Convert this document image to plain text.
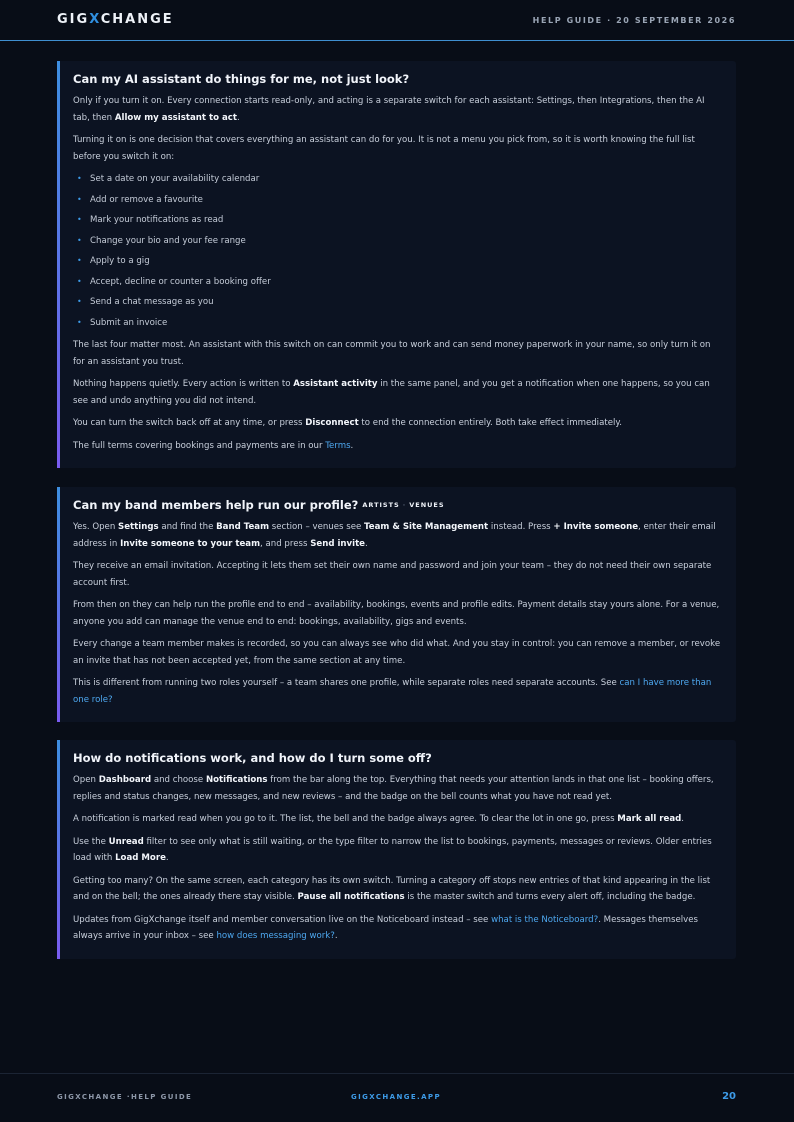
GIGXCHANGE	HELP GUIDE · 20 SEPTEMBER 2026
Can my AI assistant do things for me, not just look?

Only if you turn it on. Every connection starts read-only, and acting is a separate switch for each assistant: Settings, then Integrations, then the AI tab, then Allow my assistant to act.

Turning it on is one decision that covers everything an assistant can do for you. It is not a menu you pick from, so it is worth knowing the full list before you switch it on:

• Set a date on your availability calendar
• Add or remove a favourite
• Mark your notifications as read
• Change your bio and your fee range
• Apply to a gig
• Accept, decline or counter a booking offer
• Send a chat message as you
• Submit an invoice

The last four matter most. An assistant with this switch on can commit you to work and can send money paperwork in your name, so only turn it on for an assistant you trust.

Nothing happens quietly. Every action is written to Assistant activity in the same panel, and you get a notification when one happens, so you can see and undo anything you did not intend.

You can turn the switch back off at any time, or press Disconnect to end the connection entirely. Both take effect immediately.

The full terms covering bookings and payments are in our Terms.

Can my band members help run our profile? ARTISTS · VENUES

Yes. Open Settings and find the Band Team section – venues see Team & Site Management instead. Press + Invite someone, enter their email address in Invite someone to your team, and press Send invite.

They receive an email invitation. Accepting it lets them set their own name and password and join your team – they do not need their own separate account first.

From then on they can help run the profile end to end – availability, bookings, events and profile edits. Payment details stay yours alone. For a venue, anyone you add can manage the venue end to end: bookings, availability, gigs and events.

Every change a team member makes is recorded, so you can always see who did what. And you stay in control: you can remove a member, or revoke an invite that has not been accepted yet, from the same section at any time.

This is different from running two roles yourself – a team shares one profile, while separate roles need separate accounts. See can I have more than one role?

How do notifications work, and how do I turn some off?

Open Dashboard and choose Notifications from the bar along the top. Everything that needs your attention lands in that one list – booking offers, replies and status changes, new messages, and new reviews – and the badge on the bell counts what you have not read yet.

A notification is marked read when you go to it. The list, the bell and the badge always agree. To clear the lot in one go, press Mark all read.

Use the Unread filter to see only what is still waiting, or the type filter to narrow the list to bookings, payments, messages or reviews. Older entries load with Load More.

Getting too many? On the same screen, each category has its own switch. Turning a category off stops new entries of that kind appearing in the list and on the bell; the ones already there stay visible. Pause all notifications is the master switch and turns every alert off, including the badge.

Updates from GigXchange itself and member conversation live on the Noticeboard instead – see what is the Noticeboard?. Messages themselves always arrive in your inbox – see how does messaging work?.

GIGXCHANGE ·HELP GUIDE	GIGXCHANGE.APP	20
